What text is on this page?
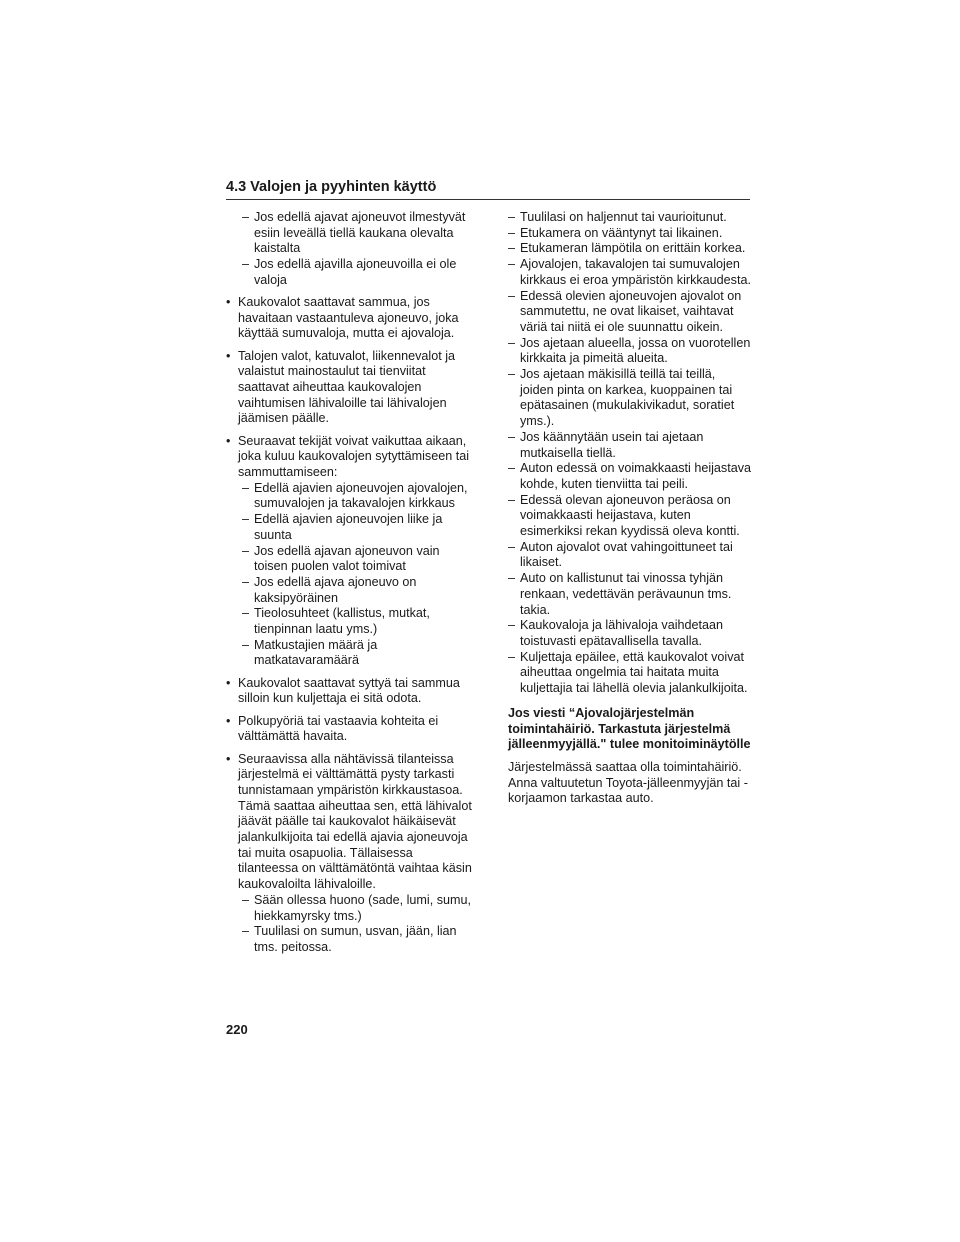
4.3 Valojen ja pyyhinten käyttö
– Jos edellä ajavat ajoneuvot ilmestyvät esiin leveällä tiellä kaukana olevalta kaistalta
– Jos edellä ajavilla ajoneuvoilla ei ole valoja
• Kaukovalot saattavat sammua, jos havaitaan vastaantuleva ajoneuvo, joka käyttää sumuvaloja, mutta ei ajovaloja.
• Talojen valot, katuvalot, liikennevalot ja valaistut mainostaulut tai tienviitat saattavat aiheuttaa kaukovalojen vaihtumisen lähivaloille tai lähivalojen jäämisen päälle.
• Seuraavat tekijät voivat vaikuttaa aikaan, joka kuluu kaukovalojen sytyttämiseen tai sammuttamiseen:
– Edellä ajavien ajoneuvojen ajovalojen, sumuvalojen ja takavalojen kirkkaus
– Edellä ajavien ajoneuvojen liike ja suunta
– Jos edellä ajavan ajoneuvon vain toisen puolen valot toimivat
– Jos edellä ajava ajoneuvo on kaksipyöräinen
– Tieolosuhteet (kallistus, mutkat, tienpinnan laatu yms.)
– Matkustajien määrä ja matkatavaramäärä
• Kaukovalot saattavat syttyä tai sammua silloin kun kuljettaja ei sitä odota.
• Polkupyöriä tai vastaavia kohteita ei välttämättä havaita.
• Seuraavissa alla nähtävissä tilanteissa järjestelmä ei välttämättä pysty tarkasti tunnistamaan ympäristön kirkkaustasoa. Tämä saattaa aiheuttaa sen, että lähivalot jäävät päälle tai kaukovalot häikäisevät jalankulkijoita tai edellä ajavia ajoneuvoja tai muita osapuolia. Tällaisessa tilanteessa on välttämätöntä vaihtaa käsin kaukovaloilta lähivaloille.
– Sään ollessa huono (sade, lumi, sumu, hiekkamyrsky tms.)
– Tuulilasi on sumun, usvan, jään, lian tms. peitossa.
– Tuulilasi on haljennut tai vaurioitunut.
– Etukamera on vääntynyt tai likainen.
– Etukameran lämpötila on erittäin korkea.
– Ajovalojen, takavalojen tai sumuvalojen kirkkaus ei eroa ympäristön kirkkaudesta.
– Edessä olevien ajoneuvojen ajovalot on sammutettu, ne ovat likaiset, vaihtavat väriä tai niitä ei ole suunnattu oikein.
– Jos ajetaan alueella, jossa on vuorotellen kirkkaita ja pimeitä alueita.
– Jos ajetaan mäkisillä teillä tai teillä, joiden pinta on karkea, kuoppainen tai epätasainen (mukulakivikadut, soratiet yms.).
– Jos käännytään usein tai ajetaan mutkaisella tiellä.
– Auton edessä on voimakkaasti heijastava kohde, kuten tienviitta tai peili.
– Edessä olevan ajoneuvon peräosa on voimakkaasti heijastava, kuten esimerkiksi rekan kyydissä oleva kontti.
– Auton ajovalot ovat vahingoittuneet tai likaiset.
– Auto on kallistunut tai vinossa tyhjän renkaan, vedettävän perävaunun tms. takia.
– Kaukovaloja ja lähivaloja vaihdetaan toistuvasti epätavallisella tavalla.
– Kuljettaja epäilee, että kaukovalot voivat aiheuttaa ongelmia tai haitata muita kuljettajia tai lähellä olevia jalankulkijoita.
Jos viesti “Ajovalojärjestelmän toimintahäiriö. Tarkastuta järjestelmä jälleenmyyjällä." tulee monitoiminäytölle

Järjestelmässä saattaa olla toimintahäiriö. Anna valtuutetun Toyota-jälleenmyyjän tai -korjaamon tarkastaa auto.

220
